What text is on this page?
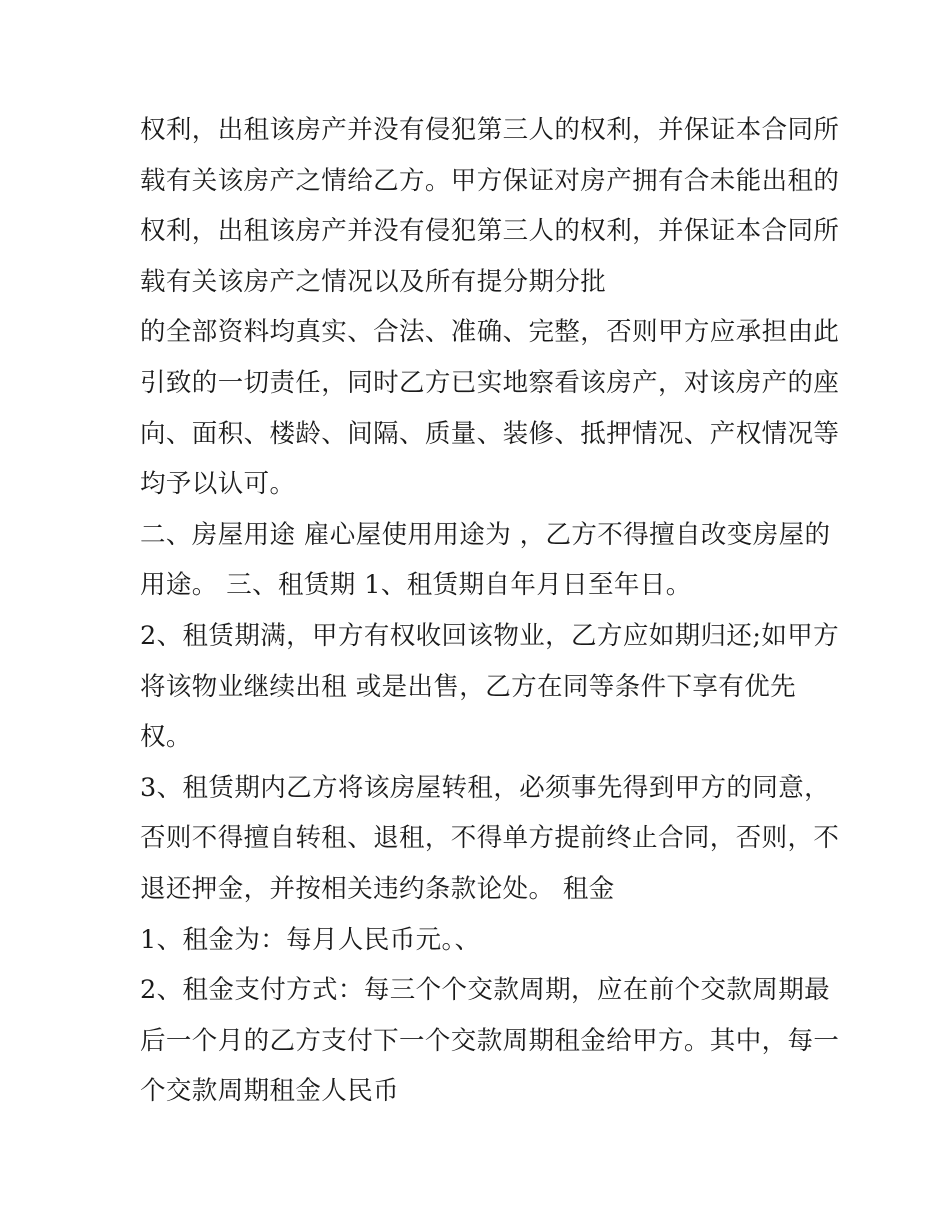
权利，出租该房产并没有侵犯第三人的权利，并保证本合同所
载有关该房产之情给乙方。甲方保证对房产拥有合未能出租的
权利，出租该房产并没有侵犯第三人的权利，并保证本合同所
载有关该房产之情况以及所有提分期分批
的全部资料均真实、合法、准确、完整，否则甲方应承担由此
引致的一切责任，同时乙方已实地察看该房产，对该房产的座
向、面积、楼龄、间隔、质量、装修、抵押情况、产权情况等
均予以认可。
二、房屋用途 雇心屋使用用途为 ，乙方不得擅自改变房屋的
用途。 三、租赁期 1、租赁期自年月日至年日。
2、租赁期满，甲方有权收回该物业，乙方应如期归还;如甲方
将该物业继续出租 或是出售，乙方在同等条件下享有优先
权。
3、租赁期内乙方将该房屋转租，必须事先得到甲方的同意，
否则不得擅自转租、退租，不得单方提前终止合同，否则，不
退还押金，并按相关违约条款论处。 租金
1、租金为：每月人民币元。、
2、租金支付方式：每三个个交款周期，应在前个交款周期最
后一个月的乙方支付下一个交款周期租金给甲方。其中，每一
个交款周期租金人民币
